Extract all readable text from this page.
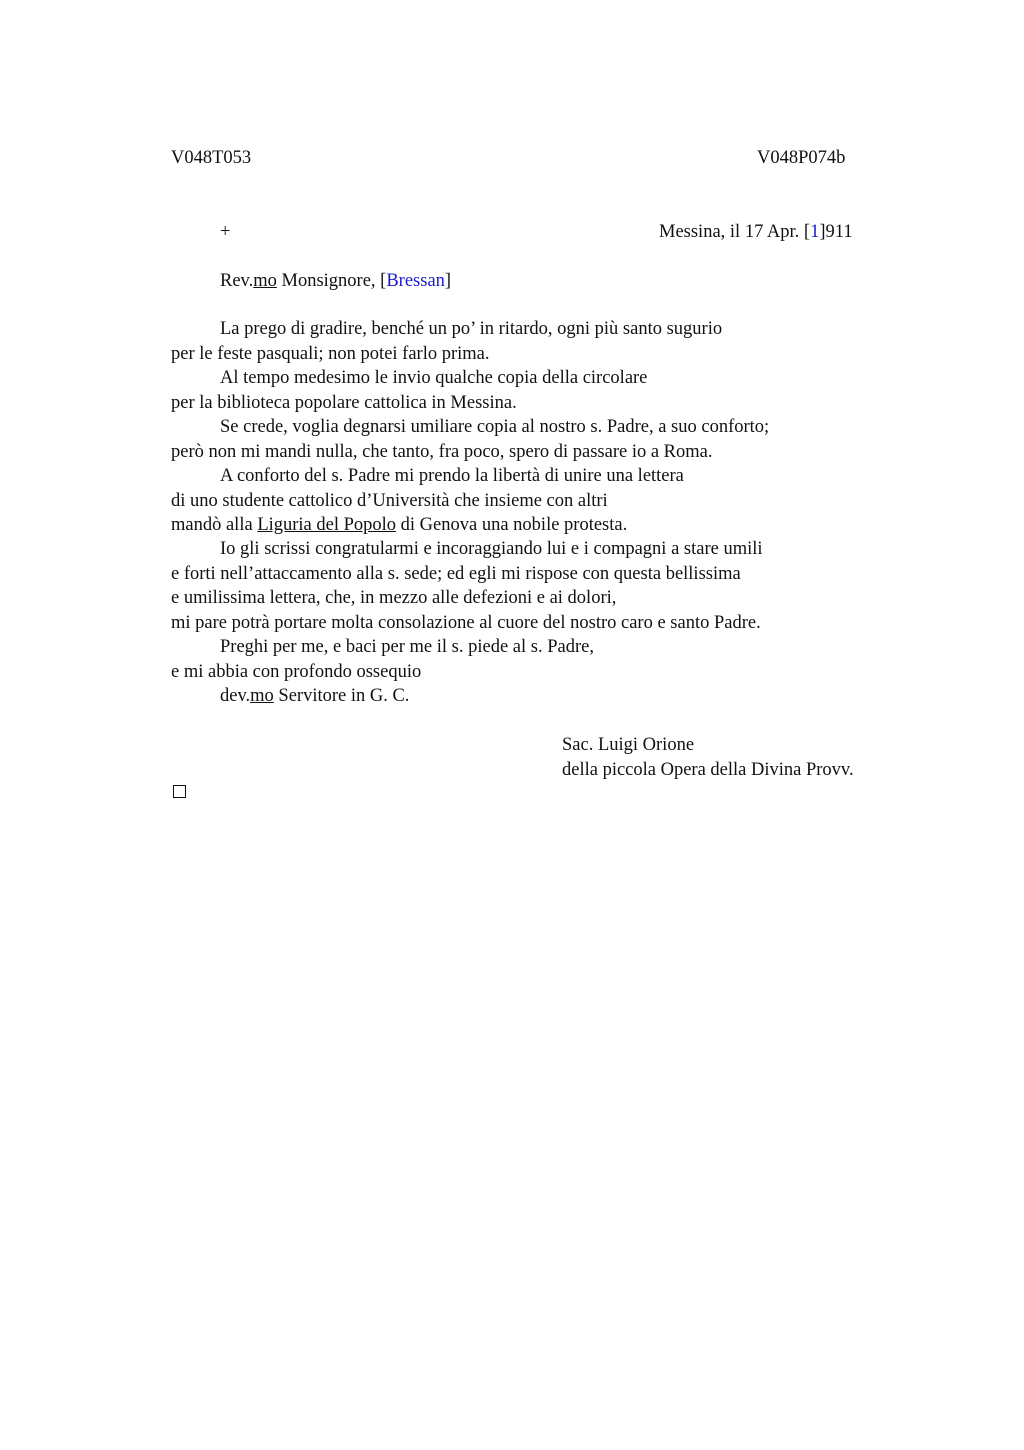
V048T053	V048P074b
+	Messina, il 17 Apr. [1]911
Rev.mo Monsignore, [Bressan]
La prego di gradire, benché un po’ in ritardo, ogni più santo sugurio
per le feste pasquali; non potei farlo prima.
Al tempo medesimo le invio qualche copia della circolare
per la biblioteca popolare cattolica in Messina.
Se crede, voglia degnarsi umiliare copia al nostro s. Padre, a suo conforto;
però non mi mandi nulla, che tanto, fra poco, spero di passare io a Roma.
A conforto del s. Padre mi prendo la libertà di unire una lettera
di uno studente cattolico d’Università che insieme con altri
mandò alla Liguria del Popolo di Genova una nobile protesta.
Io gli scrissi congratularmi e incoraggiando lui e i compagni a stare umili
e forti nell’attaccamento alla s. sede; ed egli mi rispose con questa bellissima
e umilissima lettera, che, in mezzo alle defezioni e ai dolori,
mi pare potrà portare molta consolazione al cuore del nostro caro e santo Padre.
Preghi per me, e baci per me il s. piede al s. Padre,
e mi abbia con profondo ossequio
dev.mo Servitore in G. C.
Sac. Luigi Orione
della piccola Opera della Divina Provv.
